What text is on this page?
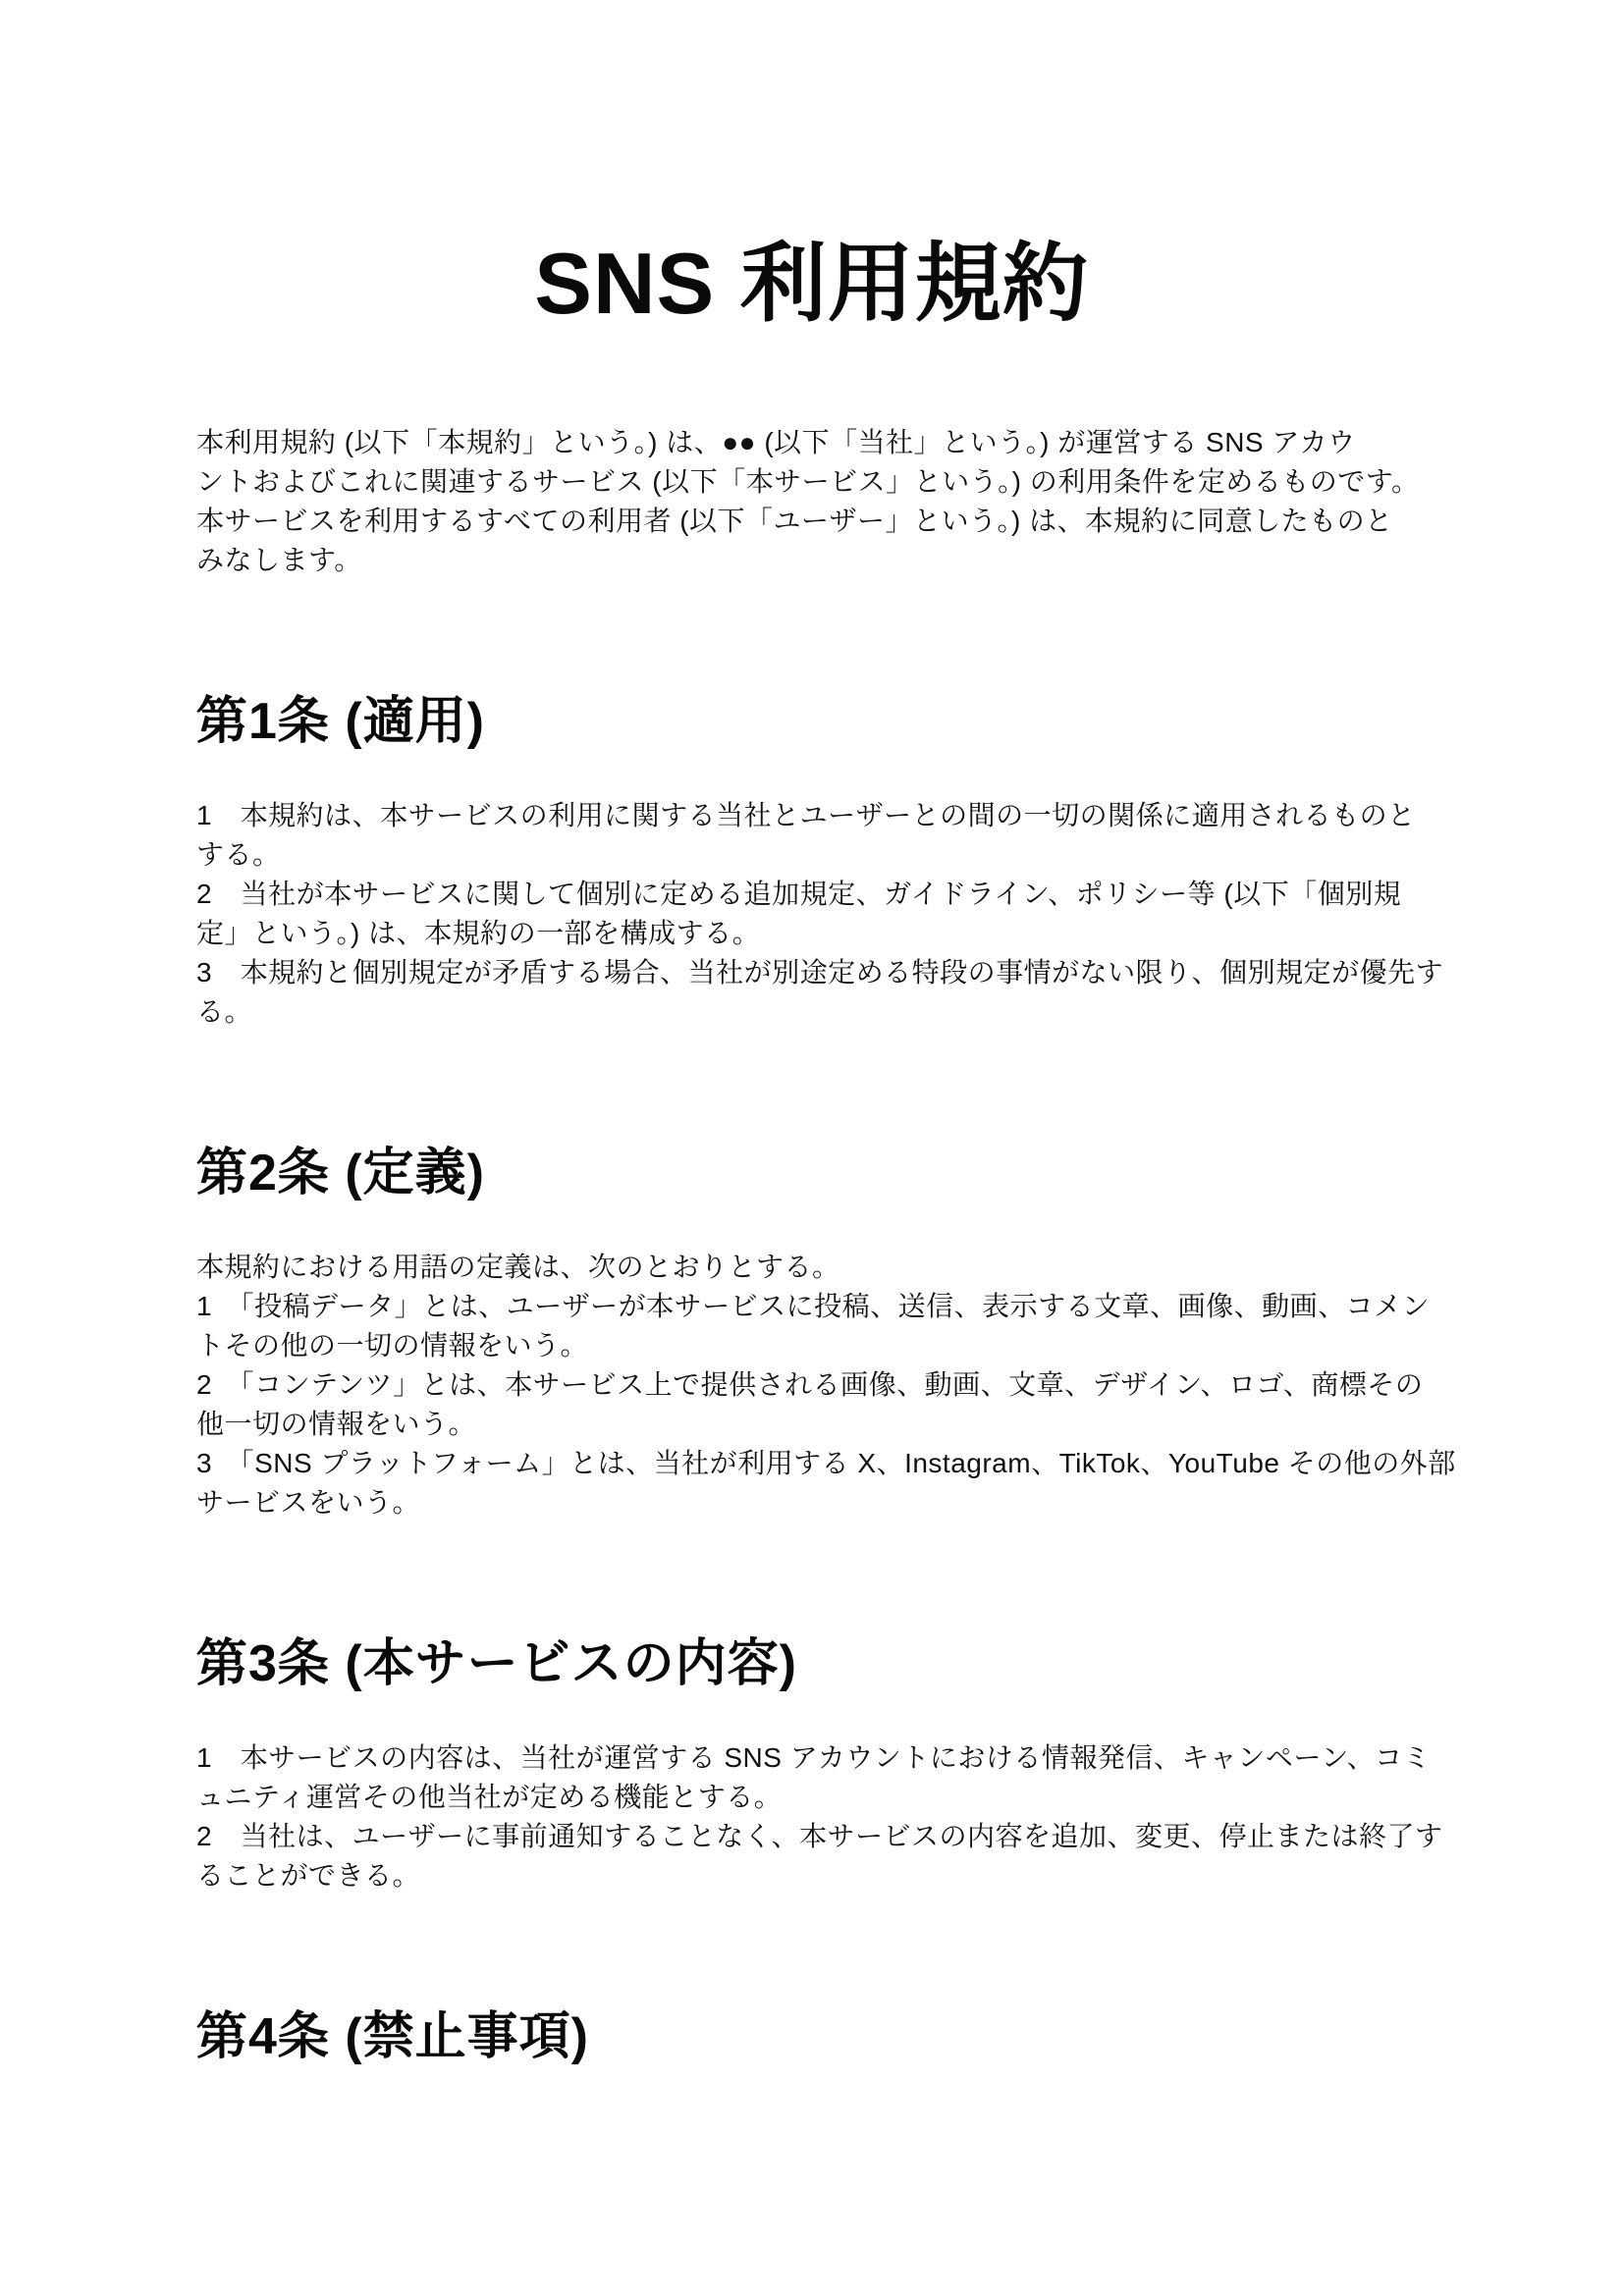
SNS 利用規約
本利用規約 (以下「本規約」という。) は、●● (以下「当社」という。) が運営する SNS アカウ
ントおよびこれに関連するサービス (以下「本サービス」という。) の利用条件を定めるものです。
本サービスを利用するすべての利用者 (以下「ユーザー」という。) は、本規約に同意したものと
みなします。
第1条 (適用)
1　本規約は、本サービスの利用に関する当社とユーザーとの間の一切の関係に適用されるものと
する。
2　当社が本サービスに関して個別に定める追加規定、ガイドライン、ポリシー等 (以下「個別規
定」という。) は、本規約の一部を構成する。
3　本規約と個別規定が矛盾する場合、当社が別途定める特段の事情がない限り、個別規定が優先す
る。
第2条 (定義)
本規約における用語の定義は、次のとおりとする。
1　「投稿データ」とは、ユーザーが本サービスに投稿、送信、表示する文章、画像、動画、コメン
トその他の一切の情報をいう。
2　「コンテンツ」とは、本サービス上で提供される画像、動画、文章、デザイン、ロゴ、商標その
他一切の情報をいう。
3　「SNS プラットフォーム」とは、当社が利用する X、Instagram、TikTok、YouTube その他の外部
サービスをいう。
第3条 (本サービスの内容)
1　本サービスの内容は、当社が運営する SNS アカウントにおける情報発信、キャンペーン、コミ
ュニティ運営その他当社が定める機能とする。
2　当社は、ユーザーに事前通知することなく、本サービスの内容を追加、変更、停止または終了す
ることができる。
第4条 (禁止事項)
